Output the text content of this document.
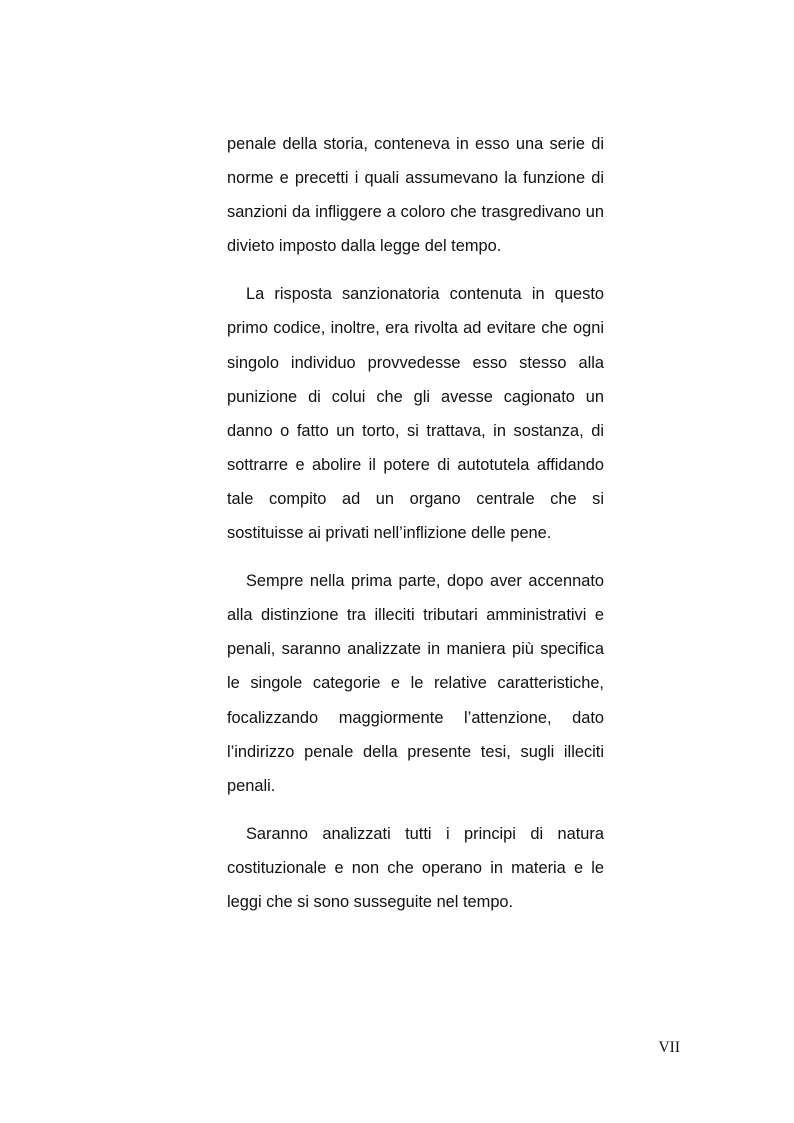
penale della storia, conteneva in esso una serie di norme e precetti i quali assumevano la funzione di sanzioni da infliggere a coloro che trasgredivano un divieto imposto dalla legge del tempo.

La risposta sanzionatoria contenuta in questo primo codice, inoltre, era rivolta ad evitare che ogni singolo individuo provvedesse esso stesso alla punizione di colui che gli avesse cagionato un danno o fatto un torto, si trattava, in sostanza, di sottrarre e abolire il potere di autotutela affidando tale compito ad un organo centrale che si sostituisse ai privati nell’inflizione delle pene.

Sempre nella prima parte, dopo aver accennato alla distinzione tra illeciti tributari amministrativi e penali, saranno analizzate in maniera più specifica le singole categorie e le relative caratteristiche, focalizzando maggiormente l’attenzione, dato l’indirizzo penale della presente tesi, sugli illeciti penali.

Saranno analizzati tutti i principi di natura costituzionale e non che operano in materia e le leggi che si sono susseguite nel tempo.

VII
